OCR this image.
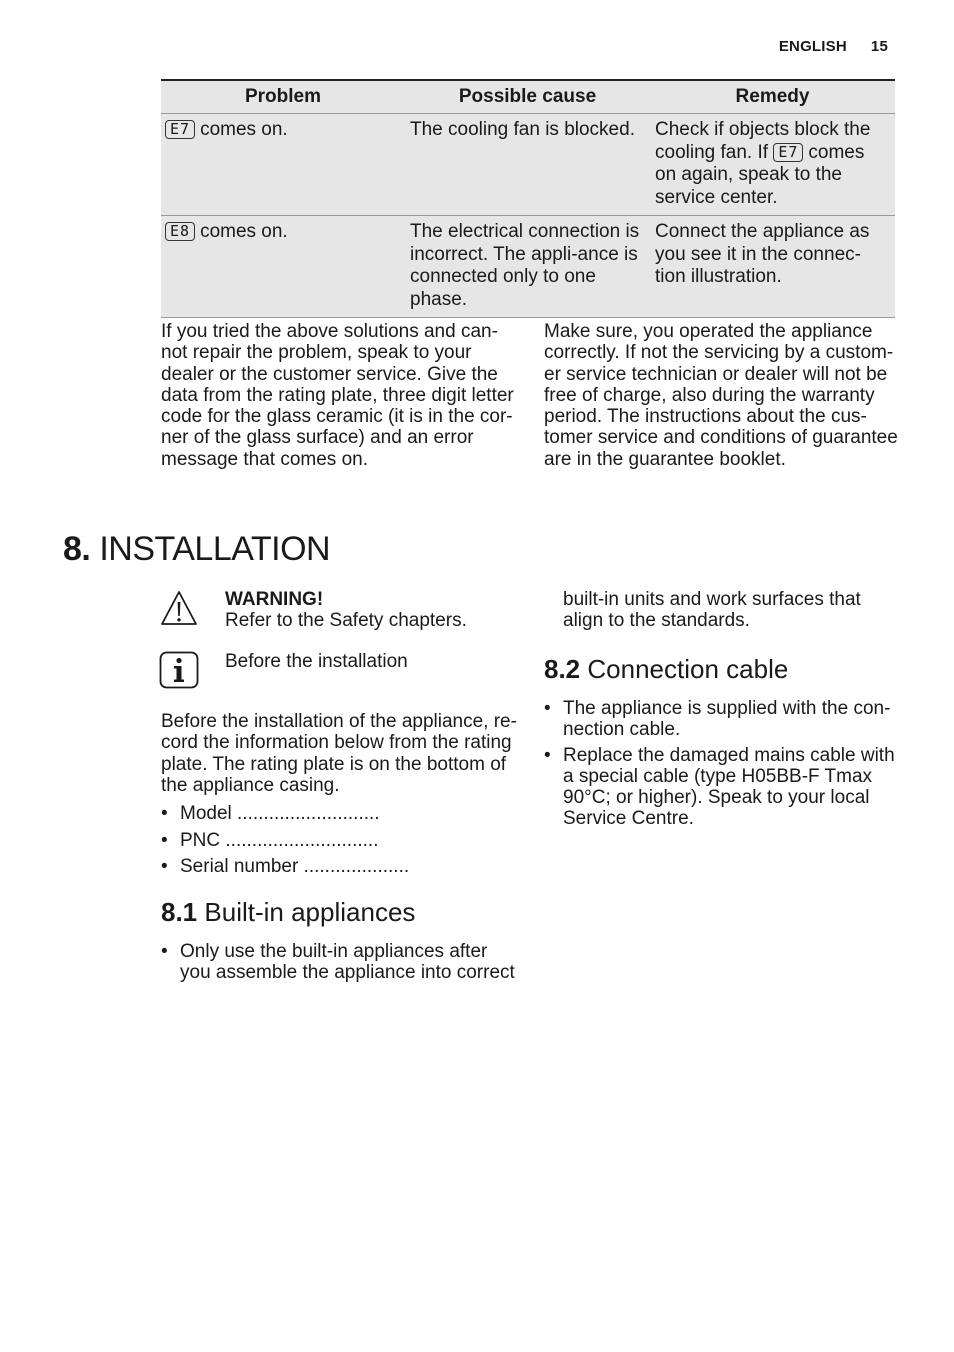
ENGLISH 15
Problem	Possible cause	Remedy
E7 comes on.	The cooling fan is blocked.	Check if objects block the cooling fan. If E7 comes on again, speak to the service center.
E8 comes on.	The electrical connection is incorrect. The appli-ance is connected only to one phase.	Connect the appliance as you see it in the connec-tion illustration.

If you tried the above solutions and can-not repair the problem, speak to your dealer or the customer service. Give the data from the rating plate, three digit letter code for the glass ceramic (it is in the cor-ner of the glass surface) and an error message that comes on.

Make sure, you operated the appliance correctly. If not the servicing by a custom-er service technician or dealer will not be free of charge, also during the warranty period. The instructions about the cus-tomer service and conditions of guarantee are in the guarantee booklet.

8. INSTALLATION
WARNING!
Refer to the Safety chapters.
Before the installation

Before the installation of the appliance, re-cord the information below from the rating plate. The rating plate is on the bottom of the appliance casing.

• Model ...........................
• PNC .............................
• Serial number ....................
8.1 Built-in appliances
• Only use the built-in appliances after you assemble the appliance into correct

built-in units and work surfaces that align to the standards.

8.2 Connection cable
• The appliance is supplied with the con-nection cable.
• Replace the damaged mains cable with a special cable (type H05BB-F Tmax 90°C; or higher). Speak to your local Service Centre.
